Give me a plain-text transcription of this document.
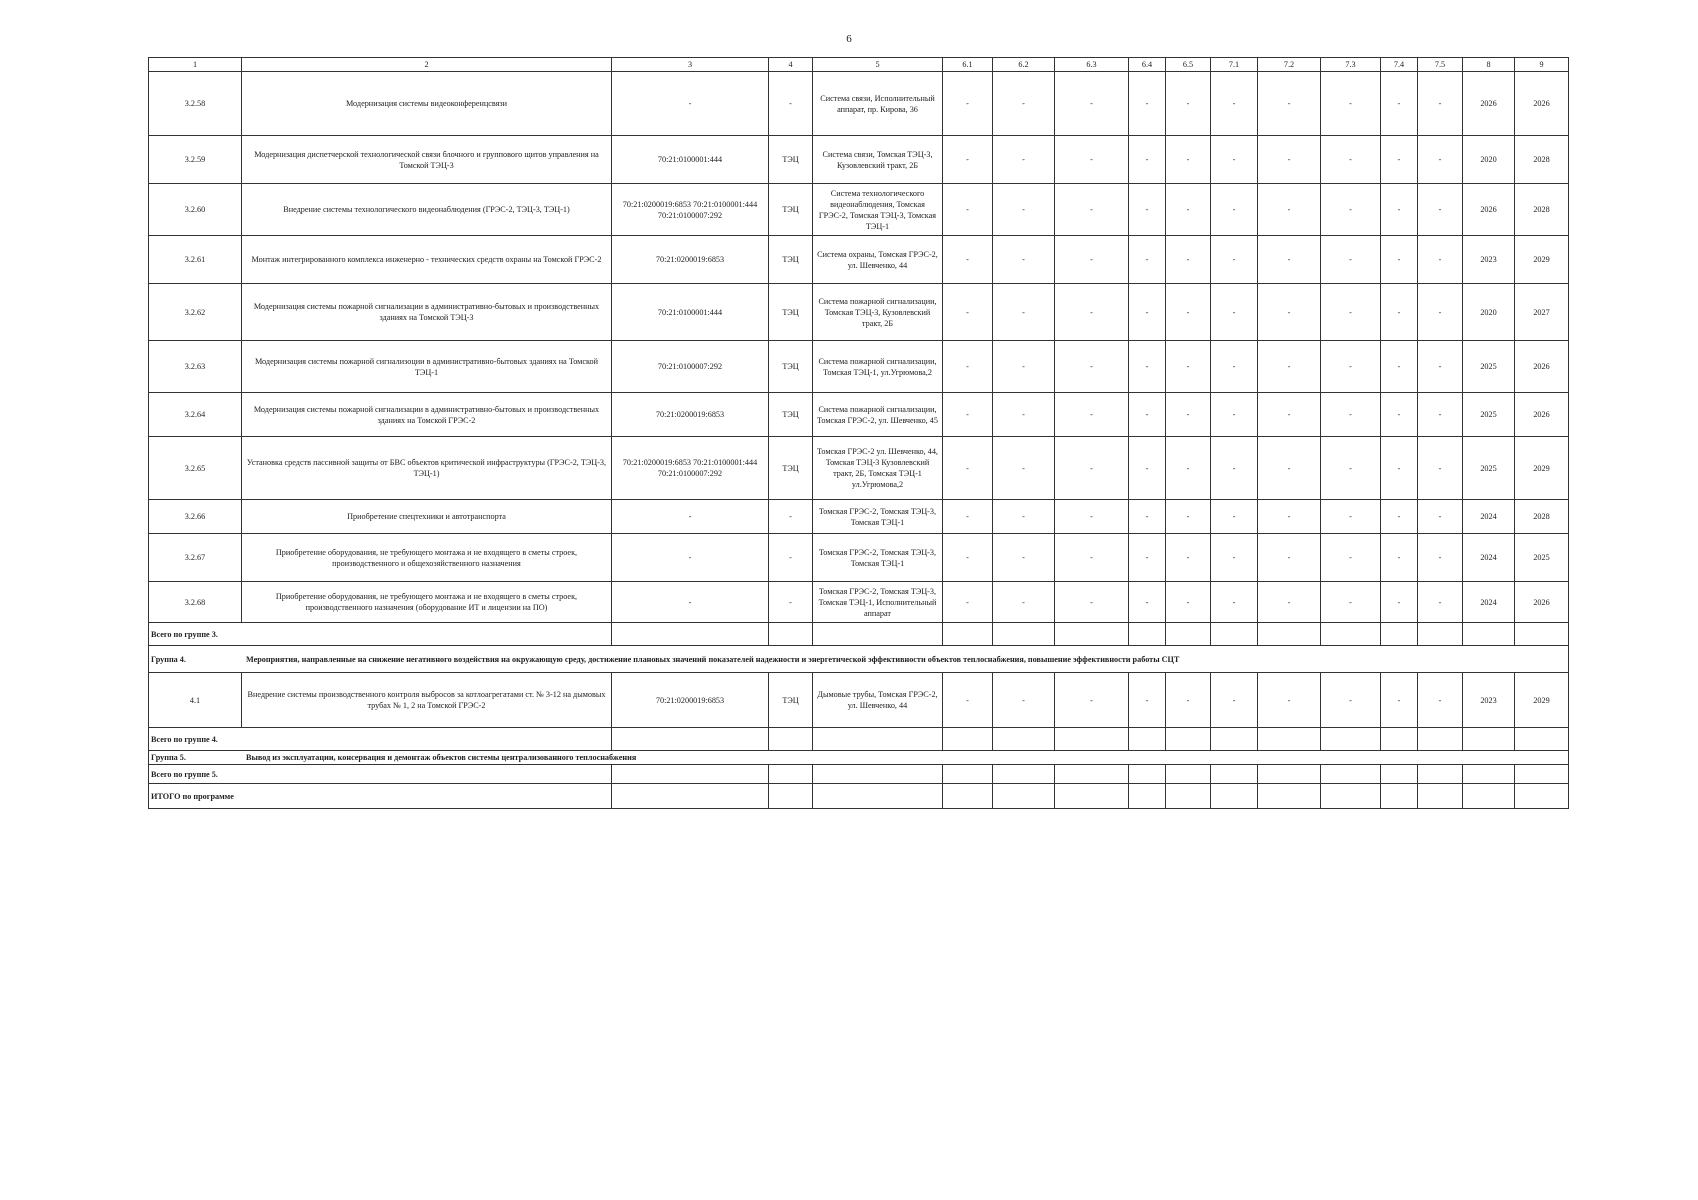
6
1	2	3	4	5	6.1	6.2	6.3	6.4	6.5	7.1	7.2	7.3	7.4	7.5	8	9
3.2.58	Модернизация системы видеоконференцсвязи	-	-	Система связи, Исполнительный аппарат, пр. Кирова, 36	-	-	-	-	-	-	-	-	-	-	2026	2026
3.2.59	Модернизация диспетчерской технологической связи блочного и группового щитов управления на Томской ТЭЦ-3	70:21:0100001:444	ТЭЦ	Система связи, Томская ТЭЦ-3, Кузовлевский тракт, 2Б	-	-	-	-	-	-	-	-	-	-	2020	2028
3.2.60	Внедрение системы технологического видеонаблюдения (ГРЭС-2, ТЭЦ-3, ТЭЦ-1)	70:21:0200019:6853 70:21:0100001:444 70:21:0100007:292	ТЭЦ	Система технологического видеонаблюдения, Томская ГРЭС-2, Томская ТЭЦ-3, Томская ТЭЦ-1	-	-	-	-	-	-	-	-	-	-	2026	2028
3.2.61	Монтаж интегрированного комплекса инженерно - технических средств охраны на Томской ГРЭС-2	70:21:0200019:6853	ТЭЦ	Система охраны, Томская ГРЭС-2, ул. Шевченко, 44	-	-	-	-	-	-	-	-	-	-	2023	2029
3.2.62	Модернизация системы пожарной сигнализации в административно-бытовых и производственных зданиях на Томской ТЭЦ-3	70:21:0100001:444	ТЭЦ	Система пожарной сигнализации, Томская ТЭЦ-3, Кузовлевский тракт, 2Б	-	-	-	-	-	-	-	-	-	-	2020	2027
3.2.63	Модернизация системы пожарной сигнализоции в административно-бытовых зданиях на Томской ТЭЦ-1	70:21:0100007:292	ТЭЦ	Система пожарной сигнализации, Томская ТЭЦ-1, ул.Угрюмова,2	-	-	-	-	-	-	-	-	-	-	2025	2026
3.2.64	Модернизация системы пожарной сигнализации в административно-бытовых и производственных зданиях на Томской ГРЭС-2	70:21:0200019:6853	ТЭЦ	Система пожарной сигнализации, Томская ГРЭС-2, ул. Шевченко, 45	-	-	-	-	-	-	-	-	-	-	2025	2026
3.2.65	Установка средств пассивной защиты от БВС объектов критической инфраструктуры (ГРЭС-2, ТЭЦ-3, ТЭЦ-1)	70:21:0200019:6853 70:21:0100001:444 70:21:0100007:292	ТЭЦ	Томская ГРЭС-2 ул. Шевченко, 44, Томская ТЭЦ-3 Кузовлевский тракт, 2Б, Томская ТЭЦ-1 ул.Угрюмова,2	-	-	-	-	-	-	-	-	-	-	2025	2029
3.2.66	Приобретение спецтехники и автотранспорта	-	-	Томская ГРЭС-2, Томская ТЭЦ-3, Томская ТЭЦ-1	-	-	-	-	-	-	-	-	-	-	2024	2028
3.2.67	Приобретение оборудования, не требующего монтажа и не входящего в сметы строек, производственного и общехозяйственного назначения	-	-	Томская ГРЭС-2, Томская ТЭЦ-3, Томская ТЭЦ-1	-	-	-	-	-	-	-	-	-	-	2024	2025
3.2.68	Приобретение оборудования, не требующего монтажа и не входящего в сметы строек, производственного назначения (оборудование ИТ и лицензии на ПО)	-	-	Томская ГРЭС-2, Томская ТЭЦ-3, Томская ТЭЦ-1, Исполнительный аппарат	-	-	-	-	-	-	-	-	-	-	2024	2026
Всего по группе 3.																
Группа 4. Мероприятия, направленные на снижение негативного воздействия на окружающую среду, достижение плановых значений показателей надежности и энергетической эффективности объектов теплоснабжения, повышение эффективности работы СЦТ																
4.1	Внедрение системы производственного контроля выбросов за котлоагрегатами ст. № 3-12 на дымовых трубах № 1, 2 на Томской ГРЭС-2	70:21:0200019:6853	ТЭЦ	Дымовые трубы, Томская ГРЭС-2, ул. Шевченко, 44	-	-	-	-	-	-	-	-	-	-	2023	2029
Всего по группе 4.																
Группа 5. Вывод из эксплуатации, консервация и демонтаж объектов системы централизованного теплоснабжения																
Всего по группе 5.																
ИТОГО по программе																
